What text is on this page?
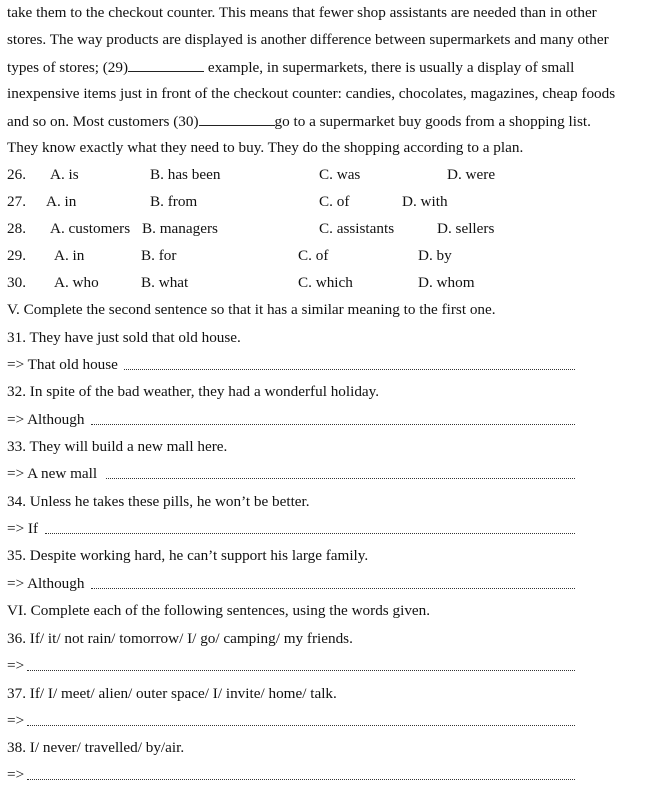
take them to the checkout counter. This means that fewer shop assistants are needed than in other
stores. The way products are displayed is another difference between supermarkets and many other
types of stores; (29)	example, in supermarkets, there is usually a display of small
inexpensive items just in front of the checkout counter: candies, chocolates, magazines, cheap foods
and so on. Most customers (30)	go to a supermarket buy goods from a shopping list.
They know exactly what they need to buy. They do the shopping according to a plan.
26. A. is	B. has been	C. was	D. were
27. A. in	B. from	C. of	D. with
28. A. customers B. managers	C. assistants	D. sellers
29. A. in	B. for	C. of	D. by
30. A. who	B. what	C. which	D. whom
V. Complete the second sentence so that it has a similar meaning to the first one.
31. They have just sold that old house.
=> That old house
32. In spite of the bad weather, they had a wonderful holiday.
=> Although
33. They will build a new mall here.
=> A new mall
34. Unless he takes these pills, he won’t be better.
=> If
35. Despite working hard, he can’t support his large family.
=> Although
VI. Complete each of the following sentences, using the words given.
36. If/ it/ not rain/ tomorrow/ I/ go/ camping/ my friends.
=>
37. If/ I/ meet/ alien/ outer space/ I/ invite/ home/ talk.
=>
38. I/ never/ travelled/ by/air.
=>
